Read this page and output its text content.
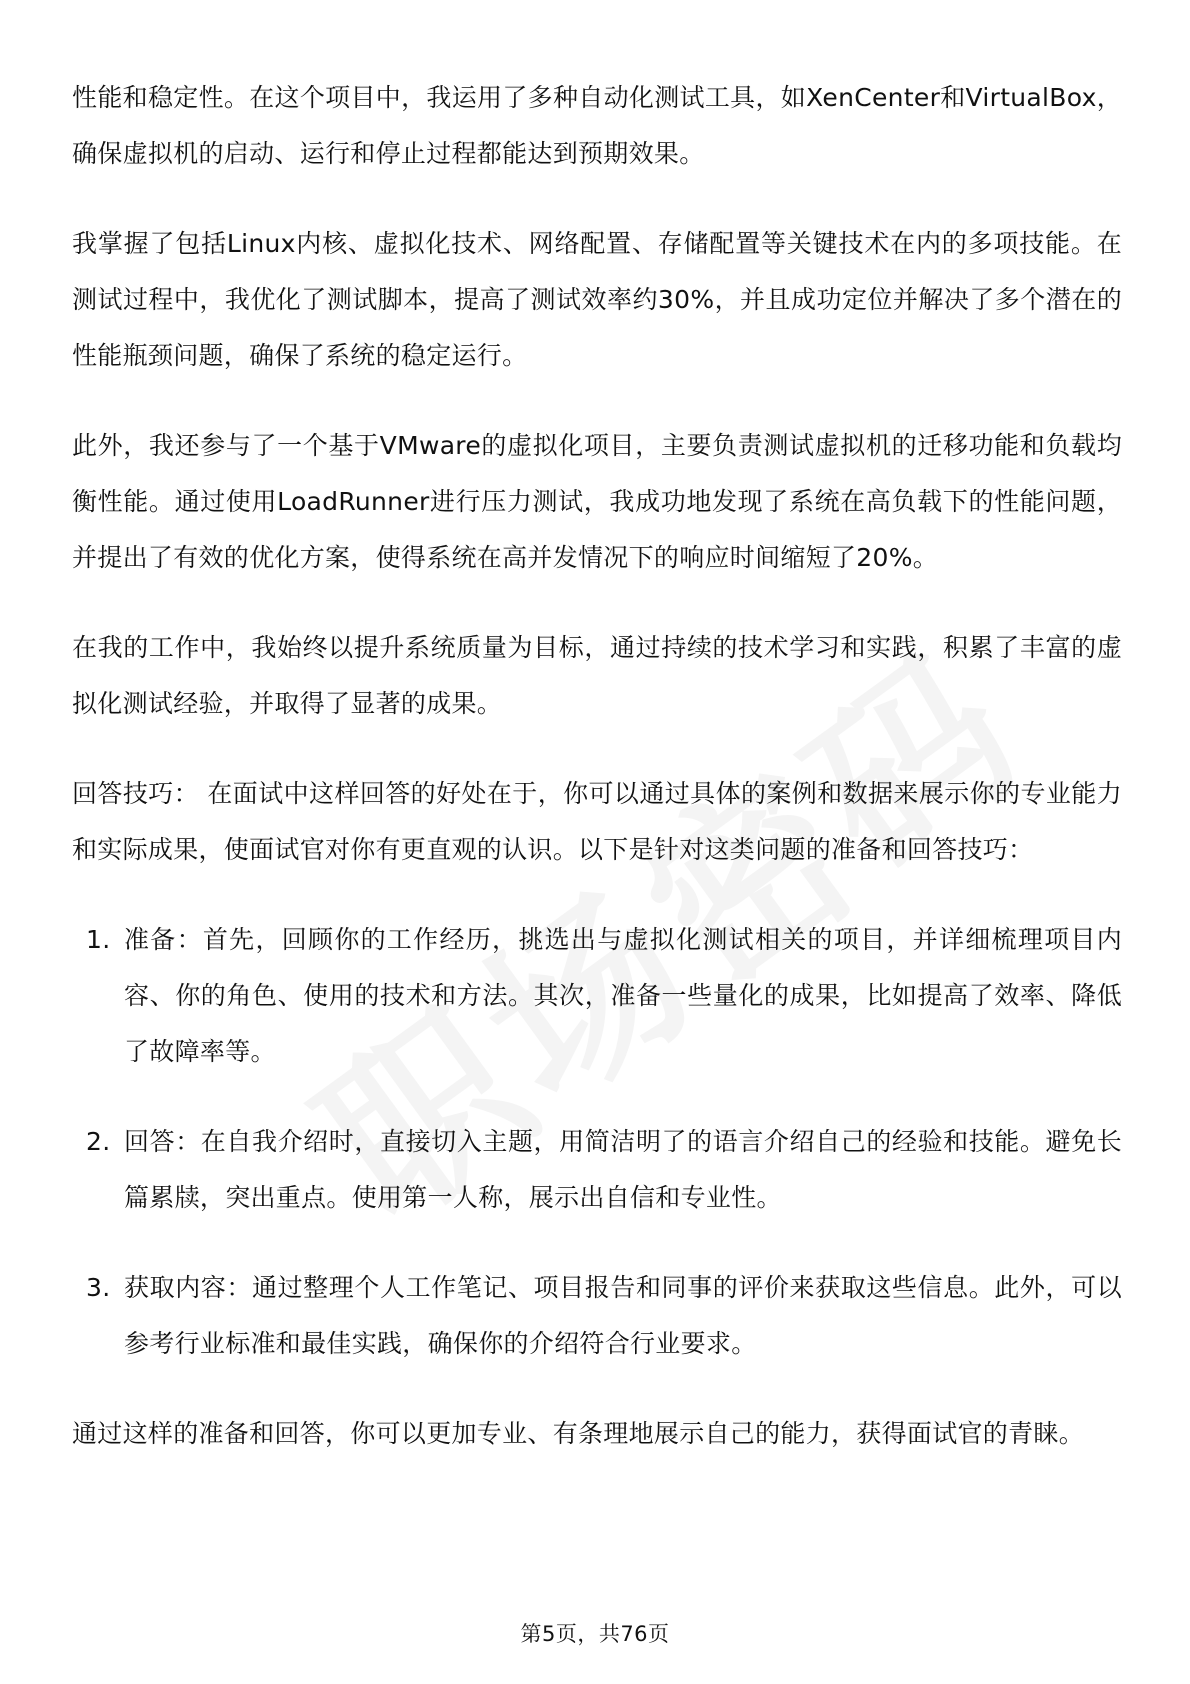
性能和稳定性。在这个项目中，我运用了多种自动化测试工具，如XenCenter和VirtualBox，确保虚拟机的启动、运行和停止过程都能达到预期效果。

我掌握了包括Linux内核、虚拟化技术、网络配置、存储配置等关键技术在内的多项技能。在测试过程中，我优化了测试脚本，提高了测试效率约30%，并且成功定位并解决了多个潜在的性能瓶颈问题，确保了系统的稳定运行。

此外，我还参与了一个基于VMware的虚拟化项目，主要负责测试虚拟机的迁移功能和负载均衡性能。通过使用LoadRunner进行压力测试，我成功地发现了系统在高负载下的性能问题，并提出了有效的优化方案，使得系统在高并发情况下的响应时间缩短了20%。

在我的工作中，我始终以提升系统质量为目标，通过持续的技术学习和实践，积累了丰富的虚拟化测试经验，并取得了显著的成果。

回答技巧： 在面试中这样回答的好处在于，你可以通过具体的案例和数据来展示你的专业能力和实际成果，使面试官对你有更直观的认识。以下是针对这类问题的准备和回答技巧：

1. 准备：首先，回顾你的工作经历，挑选出与虚拟化测试相关的项目，并详细梳理项目内容、你的角色、使用的技术和方法。其次，准备一些量化的成果，比如提高了效率、降低了故障率等。
2. 回答：在自我介绍时，直接切入主题，用简洁明了的语言介绍自己的经验和技能。避免长篇累牍，突出重点。使用第一人称，展示出自信和专业性。
3. 获取内容：通过整理个人工作笔记、项目报告和同事的评价来获取这些信息。此外，可以参考行业标准和最佳实践，确保你的介绍符合行业要求。

通过这样的准备和回答，你可以更加专业、有条理地展示自己的能力，获得面试官的青睐。

第5页，共76页
